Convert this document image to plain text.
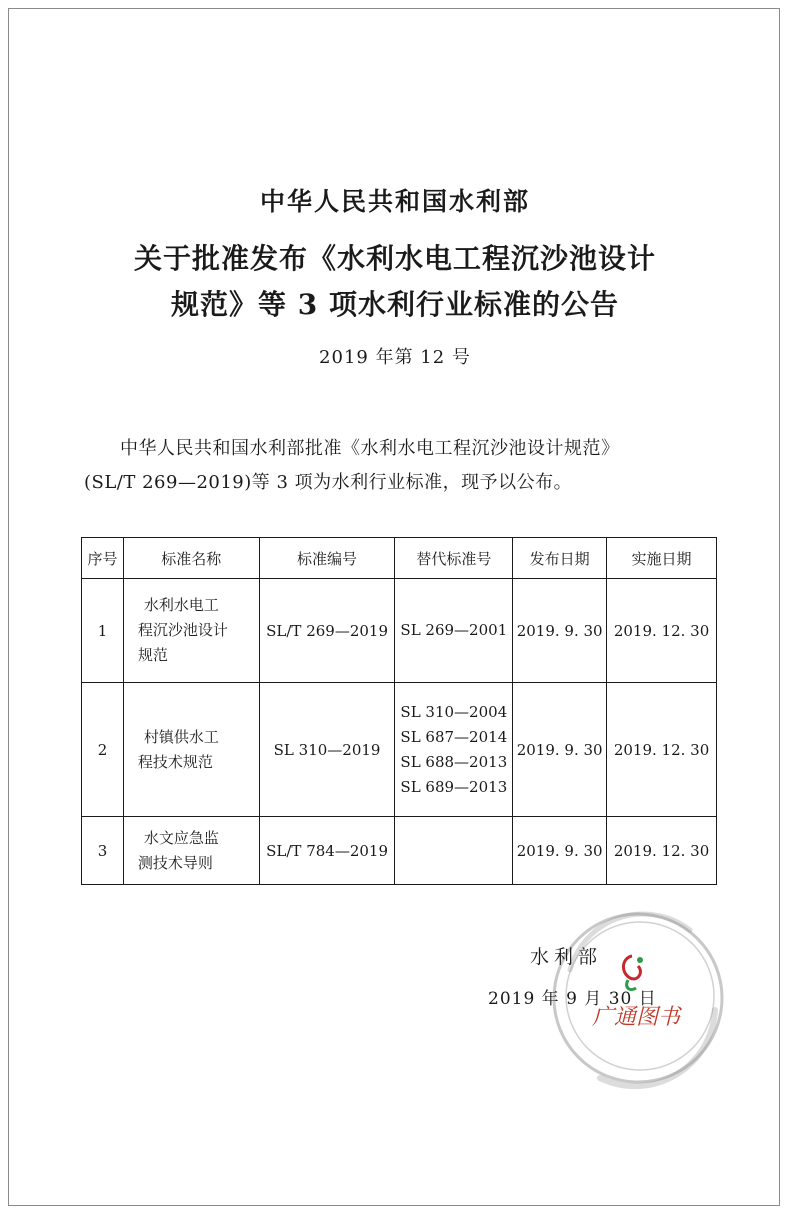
中华人民共和国水利部
关于批准发布《水利水电工程沉沙池设计
规范》等 3 项水利行业标准的公告
2019 年第 12 号
中华人民共和国水利部批准《水利水电工程沉沙池设计规范》
(SL/T 269—2019)等 3 项为水利行业标准，现予以公布。
序号	标准名称	标准编号	替代标准号	发布日期	实施日期
1	水利水电工
程沉沙池设计
规范	SL/T 269—2019	SL 269—2001	2019. 9. 30	2019. 12. 30
2	村镇供水工
程技术规范	SL 310—2019	SL 310—2004
SL 687—2014
SL 688—2013
SL 689—2013	2019. 9. 30	2019. 12. 30
3	水文应急监
测技术导则	SL/T 784—2019		2019. 9. 30	2019. 12. 30
广通图书
水利部
2019 年 9 月 30 日
